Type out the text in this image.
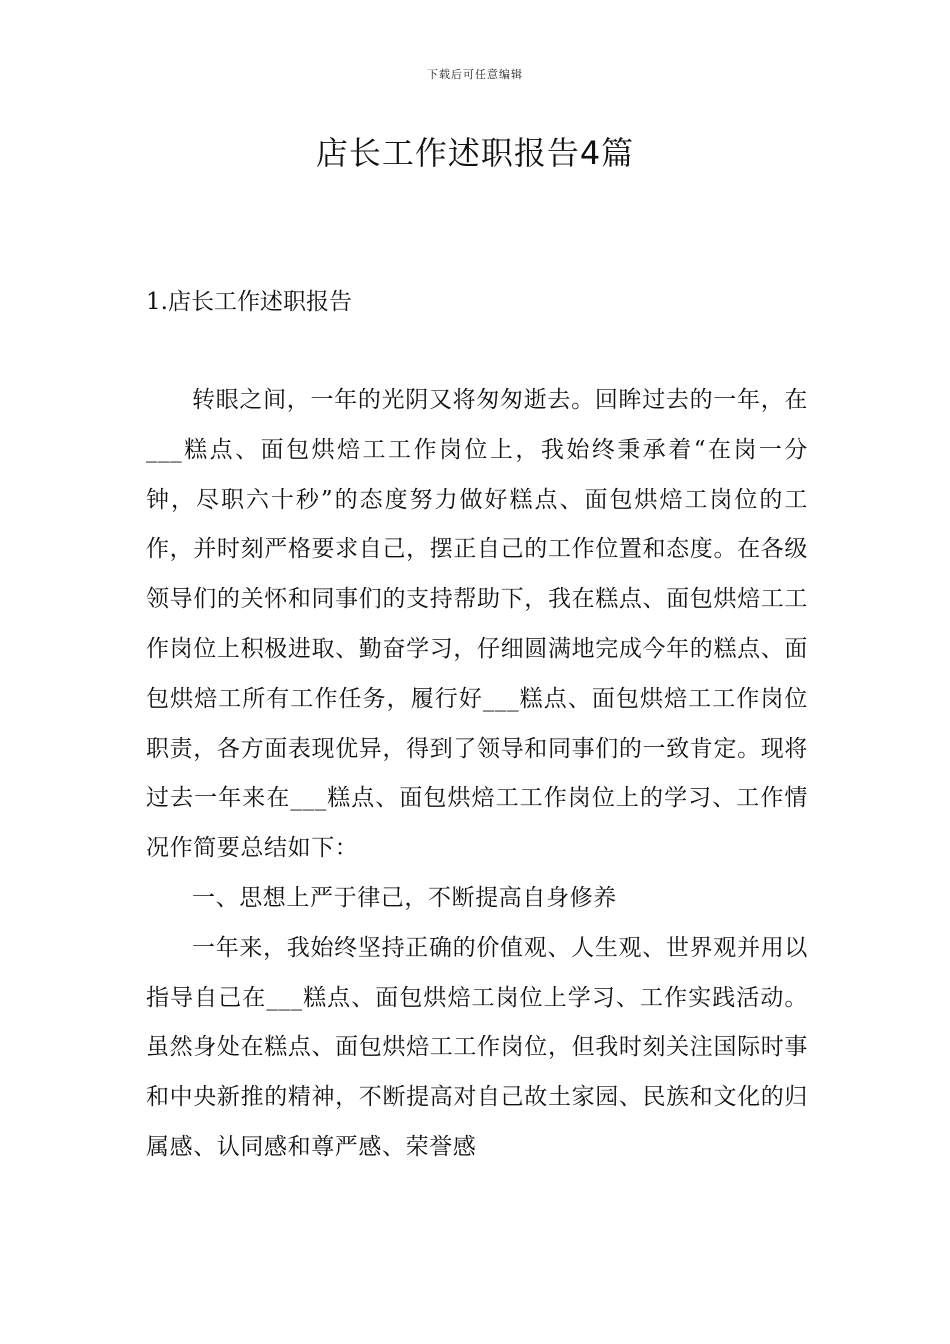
下载后可任意编辑
店长工作述职报告4篇
1.店长工作述职报告

转眼之间，一年的光阴又将匆匆逝去。回眸过去的一年，在___糕点、面包烘焙工工作岗位上，我始终秉承着“在岗一分钟，尽职六十秒”的态度努力做好糕点、面包烘焙工岗位的工作，并时刻严格要求自己，摆正自己的工作位置和态度。在各级领导们的关怀和同事们的支持帮助下，我在糕点、面包烘焙工工作岗位上积极进取、勤奋学习，仔细圆满地完成今年的糕点、面包烘焙工所有工作任务，履行好___糕点、面包烘焙工工作岗位职责，各方面表现优异，得到了领导和同事们的一致肯定。现将过去一年来在___糕点、面包烘焙工工作岗位上的学习、工作情况作简要总结如下：

一、思想上严于律己，不断提高自身修养

一年来，我始终坚持正确的价值观、人生观、世界观并用以指导自己在___糕点、面包烘焙工岗位上学习、工作实践活动。虽然身处在糕点、面包烘焙工工作岗位，但我时刻关注国际时事和中央新推的精神，不断提高对自己故土家园、民族和文化的归属感、认同感和尊严感、荣誉感
